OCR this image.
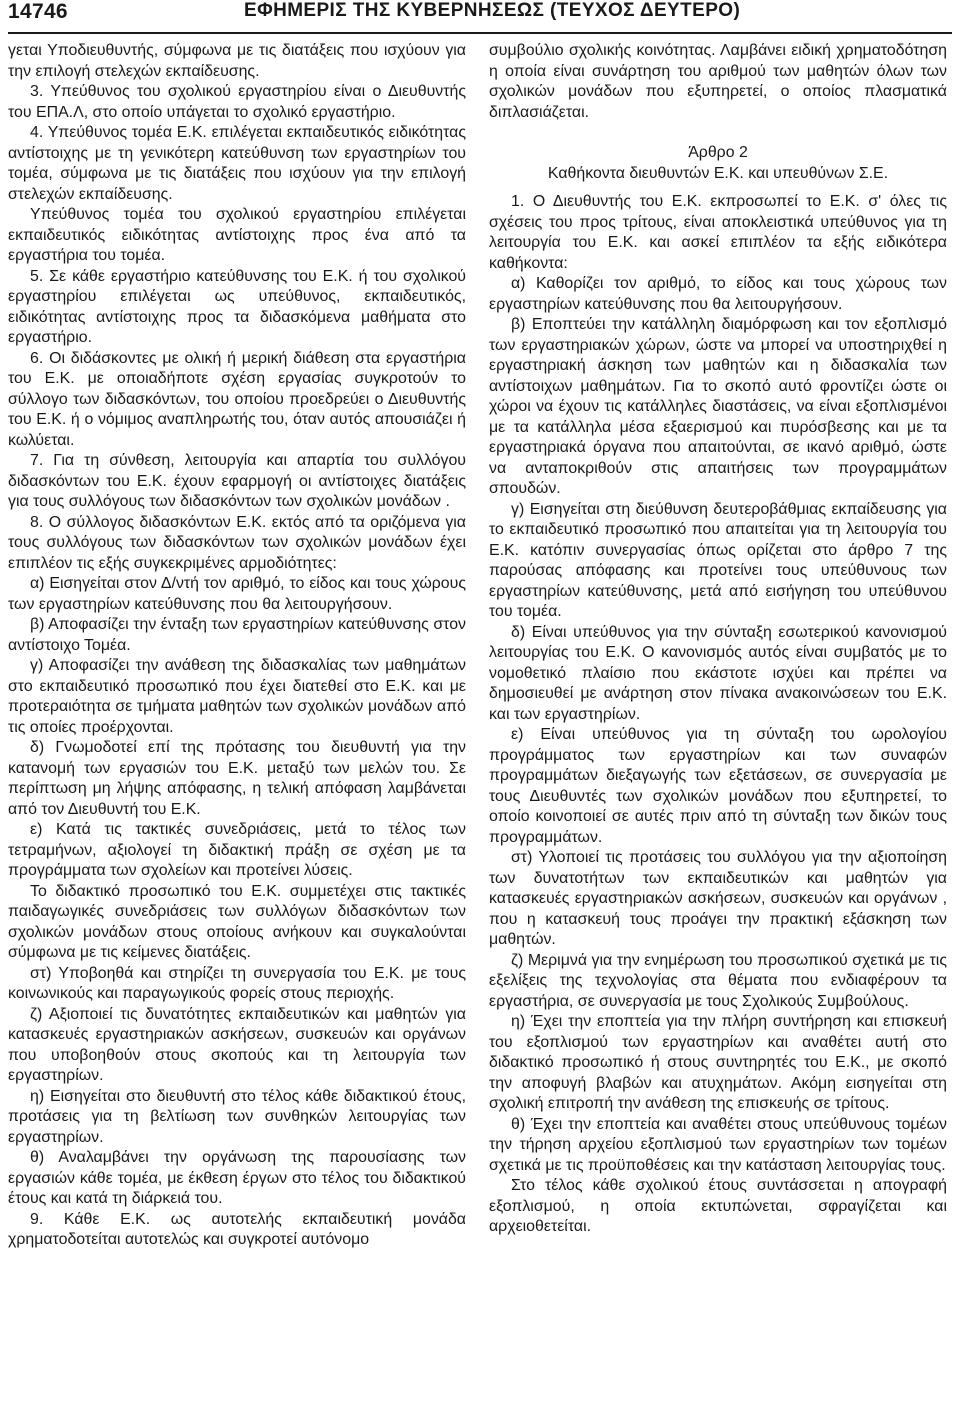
14746	ΕΦΗΜΕΡΙΣ ΤΗΣ ΚΥΒΕΡΝΗΣΕΩΣ (ΤΕΥΧΟΣ ΔΕΥΤΕΡΟ)

γεται Υποδιευθυντής, σύμφωνα με τις διατάξεις που ισχύουν για την επιλογή στελεχών εκπαίδευσης.

3. Υπεύθυνος του σχολικού εργαστηρίου είναι ο Διευθυντής του ΕΠΑ.Λ, στο οποίο υπάγεται το σχολικό εργαστήριο.

4. Υπεύθυνος τομέα Ε.Κ. επιλέγεται εκπαιδευτικός ειδικότητας αντίστοιχης με τη γενικότερη κατεύθυνση των εργαστηρίων του τομέα, σύμφωνα με τις διατάξεις που ισχύουν για την επιλογή στελεχών εκπαίδευσης.

Υπεύθυνος τομέα του σχολικού εργαστηρίου επιλέγεται εκπαιδευτικός ειδικότητας αντίστοιχης προς ένα από τα εργαστήρια του τομέα.

5. Σε κάθε εργαστήριο κατεύθυνσης του Ε.Κ. ή του σχολικού εργαστηρίου επιλέγεται ως υπεύθυνος, εκπαιδευτικός, ειδικότητας αντίστοιχης προς τα διδασκόμενα μαθήματα στο εργαστήριο.

6. Οι διδάσκοντες με ολική ή μερική διάθεση στα εργαστήρια του Ε.Κ. με οποιαδήποτε σχέση εργασίας συγκροτούν το σύλλογο των διδασκόντων, του οποίου προεδρεύει ο Διευθυντής του Ε.Κ. ή ο νόμιμος αναπληρωτής του, όταν αυτός απουσιάζει ή κωλύεται.

7. Για τη σύνθεση, λειτουργία και απαρτία του συλλόγου διδασκόντων του Ε.Κ. έχουν εφαρμογή οι αντίστοιχες διατάξεις για τους συλλόγους των διδασκόντων των σχολικών μονάδων .

8. Ο σύλλογος διδασκόντων Ε.Κ. εκτός από τα οριζόμενα για τους συλλόγους των διδασκόντων των σχολικών μονάδων έχει επιπλέον τις εξής συγκεκριμένες αρμοδιότητες:

α) Εισηγείται στον Δ/ντή τον αριθμό, το είδος και τους χώρους των εργαστηρίων κατεύθυνσης που θα λειτουργήσουν.

β) Αποφασίζει την ένταξη των εργαστηρίων κατεύθυνσης στον αντίστοιχο Τομέα.

γ) Αποφασίζει την ανάθεση της διδασκαλίας των μαθημάτων στο εκπαιδευτικό προσωπικό που έχει διατεθεί στο Ε.Κ. και με προτεραιότητα σε τμήματα μαθητών των σχολικών μονάδων από τις οποίες προέρχονται.

δ) Γνωμοδοτεί επί της πρότασης του διευθυντή για την κατανομή των εργασιών του Ε.Κ. μεταξύ των μελών του. Σε περίπτωση μη λήψης απόφασης, η τελική απόφαση λαμβάνεται από τον Διευθυντή του Ε.Κ.

ε) Κατά τις τακτικές συνεδριάσεις, μετά το τέλος των τετραμήνων, αξιολογεί τη διδακτική πράξη σε σχέση με τα προγράμματα των σχολείων και προτείνει λύσεις.

Το διδακτικό προσωπικό του Ε.Κ. συμμετέχει στις τακτικές παιδαγωγικές συνεδριάσεις των συλλόγων διδασκόντων των σχολικών μονάδων στους οποίους ανήκουν και συγκαλούνται σύμφωνα με τις κείμενες διατάξεις.

στ) Υποβοηθά και στηρίζει τη συνεργασία του Ε.Κ. με τους κοινωνικούς και παραγωγικούς φορείς στους περιοχής.

ζ) Αξιοποιεί τις δυνατότητες εκπαιδευτικών και μαθητών για κατασκευές εργαστηριακών ασκήσεων, συσκευών και οργάνων που υποβοηθούν στους σκοπούς και τη λειτουργία των εργαστηρίων.

η) Εισηγείται στο διευθυντή στο τέλος κάθε διδακτικού έτους, προτάσεις για τη βελτίωση των συνθηκών λειτουργίας των εργαστηρίων.

θ) Αναλαμβάνει την οργάνωση της παρουσίασης των εργασιών κάθε τομέα, με έκθεση έργων στο τέλος του διδακτικού έτους και κατά τη διάρκειά του.

9. Κάθε Ε.Κ. ως αυτοτελής εκπαιδευτική μονάδα χρηματοδοτείται αυτοτελώς και συγκροτεί αυτόνομο

συμβούλιο σχολικής κοινότητας. Λαμβάνει ειδική χρηματοδότηση η οποία είναι συνάρτηση του αριθμού των μαθητών όλων των σχολικών μονάδων που εξυπηρετεί, ο οποίος πλασματικά διπλασιάζεται.

Άρθρο 2

Καθήκοντα διευθυντών Ε.Κ. και υπευθύνων Σ.Ε.

1. Ο Διευθυντής του Ε.Κ. εκπροσωπεί το Ε.Κ. σ' όλες τις σχέσεις του προς τρίτους, είναι αποκλειστικά υπεύθυνος για τη λειτουργία του Ε.Κ. και ασκεί επιπλέον τα εξής ειδικότερα καθήκοντα:

α) Καθορίζει τον αριθμό, το είδος και τους χώρους των εργαστηρίων κατεύθυνσης που θα λειτουργήσουν.

β) Εποπτεύει την κατάλληλη διαμόρφωση και τον εξοπλισμό των εργαστηριακών χώρων, ώστε να μπορεί να υποστηριχθεί η εργαστηριακή άσκηση των μαθητών και η διδασκαλία των αντίστοιχων μαθημάτων. Για το σκοπό αυτό φροντίζει ώστε οι χώροι να έχουν τις κατάλληλες διαστάσεις, να είναι εξοπλισμένοι με τα κατάλληλα μέσα εξαερισμού και πυρόσβεσης και με τα εργαστηριακά όργανα που απαιτούνται, σε ικανό αριθμό, ώστε να ανταποκριθούν στις απαιτήσεις των προγραμμάτων σπουδών.

γ) Εισηγείται στη διεύθυνση δευτεροβάθμιας εκπαίδευσης για το εκπαιδευτικό προσωπικό που απαιτείται για τη λειτουργία του Ε.Κ. κατόπιν συνεργασίας όπως ορίζεται στο άρθρο 7 της παρούσας απόφασης και προτείνει τους υπεύθυνους των εργαστηρίων κατεύθυνσης, μετά από εισήγηση του υπεύθυνου του τομέα.

δ) Είναι υπεύθυνος για την σύνταξη εσωτερικού κανονισμού λειτουργίας του Ε.Κ. Ο κανονισμός αυτός είναι συμβατός με το νομοθετικό πλαίσιο που εκάστοτε ισχύει και πρέπει να δημοσιευθεί με ανάρτηση στον πίνακα ανακοινώσεων του Ε.Κ. και των εργαστηρίων.

ε) Είναι υπεύθυνος για τη σύνταξη του ωρολογίου προγράμματος των εργαστηρίων και των συναφών προγραμμάτων διεξαγωγής των εξετάσεων, σε συνεργασία με τους Διευθυντές των σχολικών μονάδων που εξυπηρετεί, το οποίο κοινοποιεί σε αυτές πριν από τη σύνταξη των δικών τους προγραμμάτων.

στ) Υλοποιεί τις προτάσεις του συλλόγου για την αξιοποίηση των δυνατοτήτων των εκπαιδευτικών και μαθητών για κατασκευές εργαστηριακών ασκήσεων, συσκευών και οργάνων , που η κατασκευή τους προάγει την πρακτική εξάσκηση των μαθητών.

ζ) Μεριμνά για την ενημέρωση του προσωπικού σχετικά με τις εξελίξεις της τεχνολογίας στα θέματα που ενδιαφέρουν τα εργαστήρια, σε συνεργασία με τους Σχολικούς Συμβούλους.

η) Έχει την εποπτεία για την πλήρη συντήρηση και επισκευή του εξοπλισμού των εργαστηρίων και αναθέτει αυτή στο διδακτικό προσωπικό ή στους συντηρητές του Ε.Κ., με σκοπό την αποφυγή βλαβών και ατυχημάτων. Ακόμη εισηγείται στη σχολική επιτροπή την ανάθεση της επισκευής σε τρίτους.

θ) Έχει την εποπτεία και αναθέτει στους υπεύθυνους τομέων την τήρηση αρχείου εξοπλισμού των εργαστηρίων των τομέων σχετικά με τις προϋποθέσεις και την κατάσταση λειτουργίας τους.

Στο τέλος κάθε σχολικού έτους συντάσσεται η απογραφή εξοπλισμού, η οποία εκτυπώνεται, σφραγίζεται και αρχειοθετείται.
